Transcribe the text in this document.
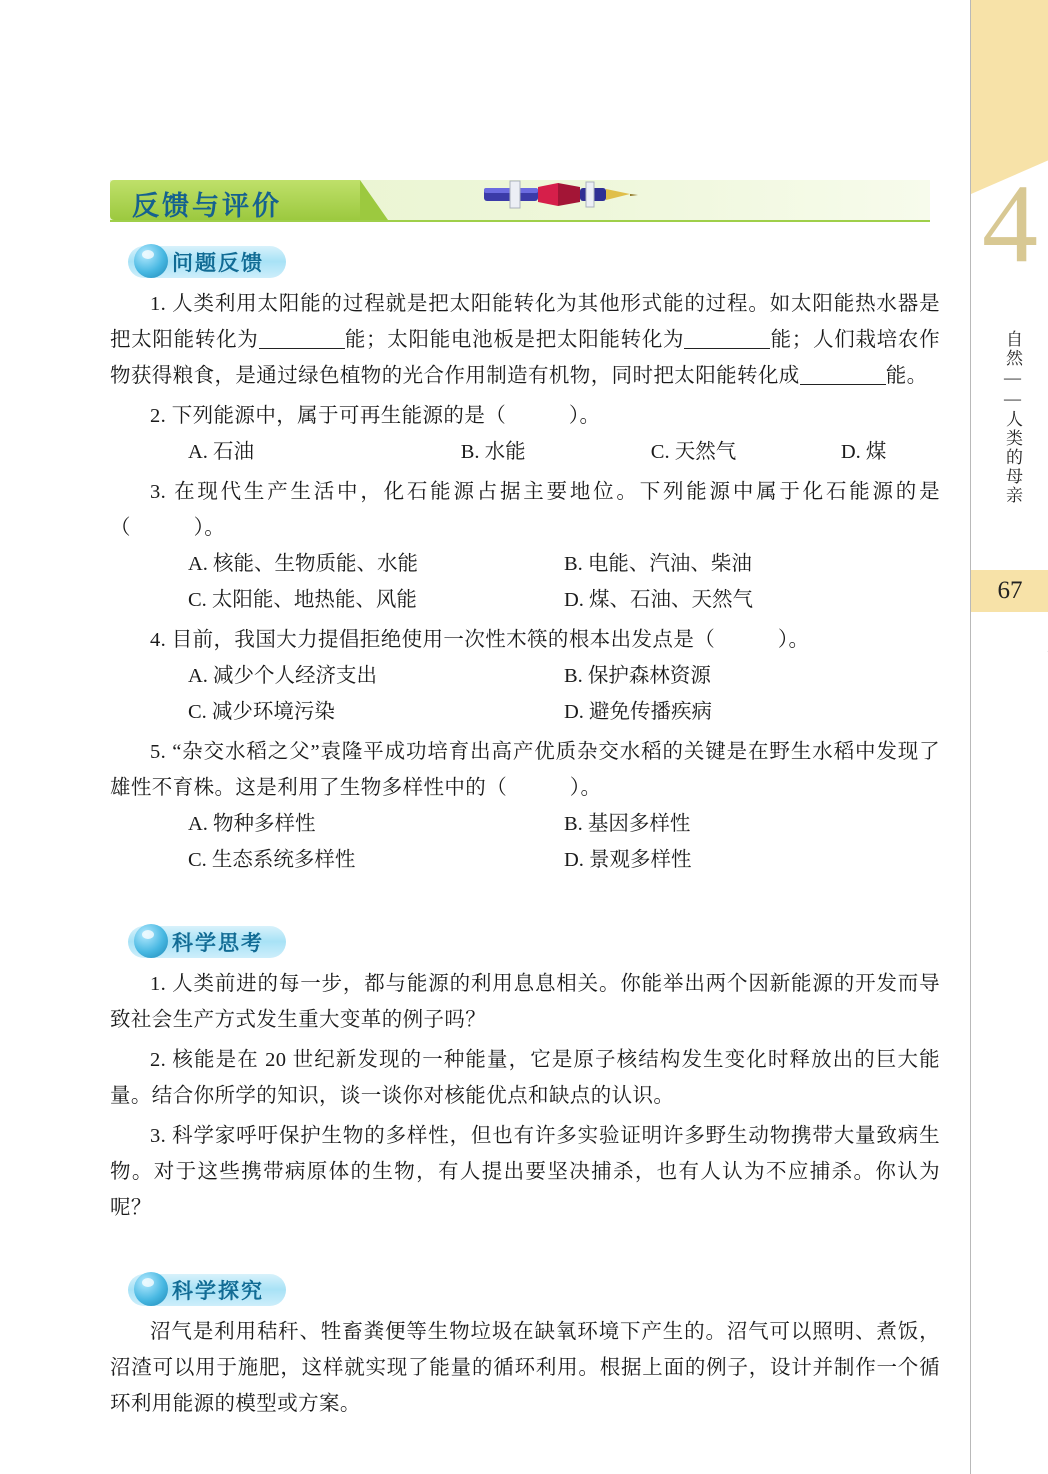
4
自然——人类的母亲
67
反馈与评价
问题反馈

1. 人类利用太阳能的过程就是把太阳能转化为其他形式能的过程。如太阳能热水器是把太阳能转化为	能；太阳能电池板是把太阳能转化为	能；人们栽培农作物获得粮食，是通过绿色植物的光合作用制造有机物，同时把太阳能转化成	能。

2. 下列能源中，属于可再生能源的是（　　　）。

A. 石油	B. 水能	C. 天然气	D. 煤

3. 在现代生产生活中，化石能源占据主要地位。下列能源中属于化石能源的是（　　　）。

A. 核能、生物质能、水能	B. 电能、汽油、柴油
C. 太阳能、地热能、风能	D. 煤、石油、天然气

4. 目前，我国大力提倡拒绝使用一次性木筷的根本出发点是（　　　）。

A. 减少个人经济支出	B. 保护森林资源
C. 减少环境污染	D. 避免传播疾病

5. “杂交水稻之父”袁隆平成功培育出高产优质杂交水稻的关键是在野生水稻中发现了雄性不育株。这是利用了生物多样性中的（　　　）。

A. 物种多样性	B. 基因多样性
C. 生态系统多样性	D. 景观多样性
科学思考

1. 人类前进的每一步，都与能源的利用息息相关。你能举出两个因新能源的开发而导致社会生产方式发生重大变革的例子吗？

2. 核能是在 20 世纪新发现的一种能量，它是原子核结构发生变化时释放出的巨大能量。结合你所学的知识，谈一谈你对核能优点和缺点的认识。

3. 科学家呼吁保护生物的多样性，但也有许多实验证明许多野生动物携带大量致病生物。对于这些携带病原体的生物，有人提出要坚决捕杀，也有人认为不应捕杀。你认为呢？

科学探究

沼气是利用秸秆、牲畜粪便等生物垃圾在缺氧环境下产生的。沼气可以照明、煮饭，沼渣可以用于施肥，这样就实现了能量的循环利用。根据上面的例子，设计并制作一个循环利用能源的模型或方案。
